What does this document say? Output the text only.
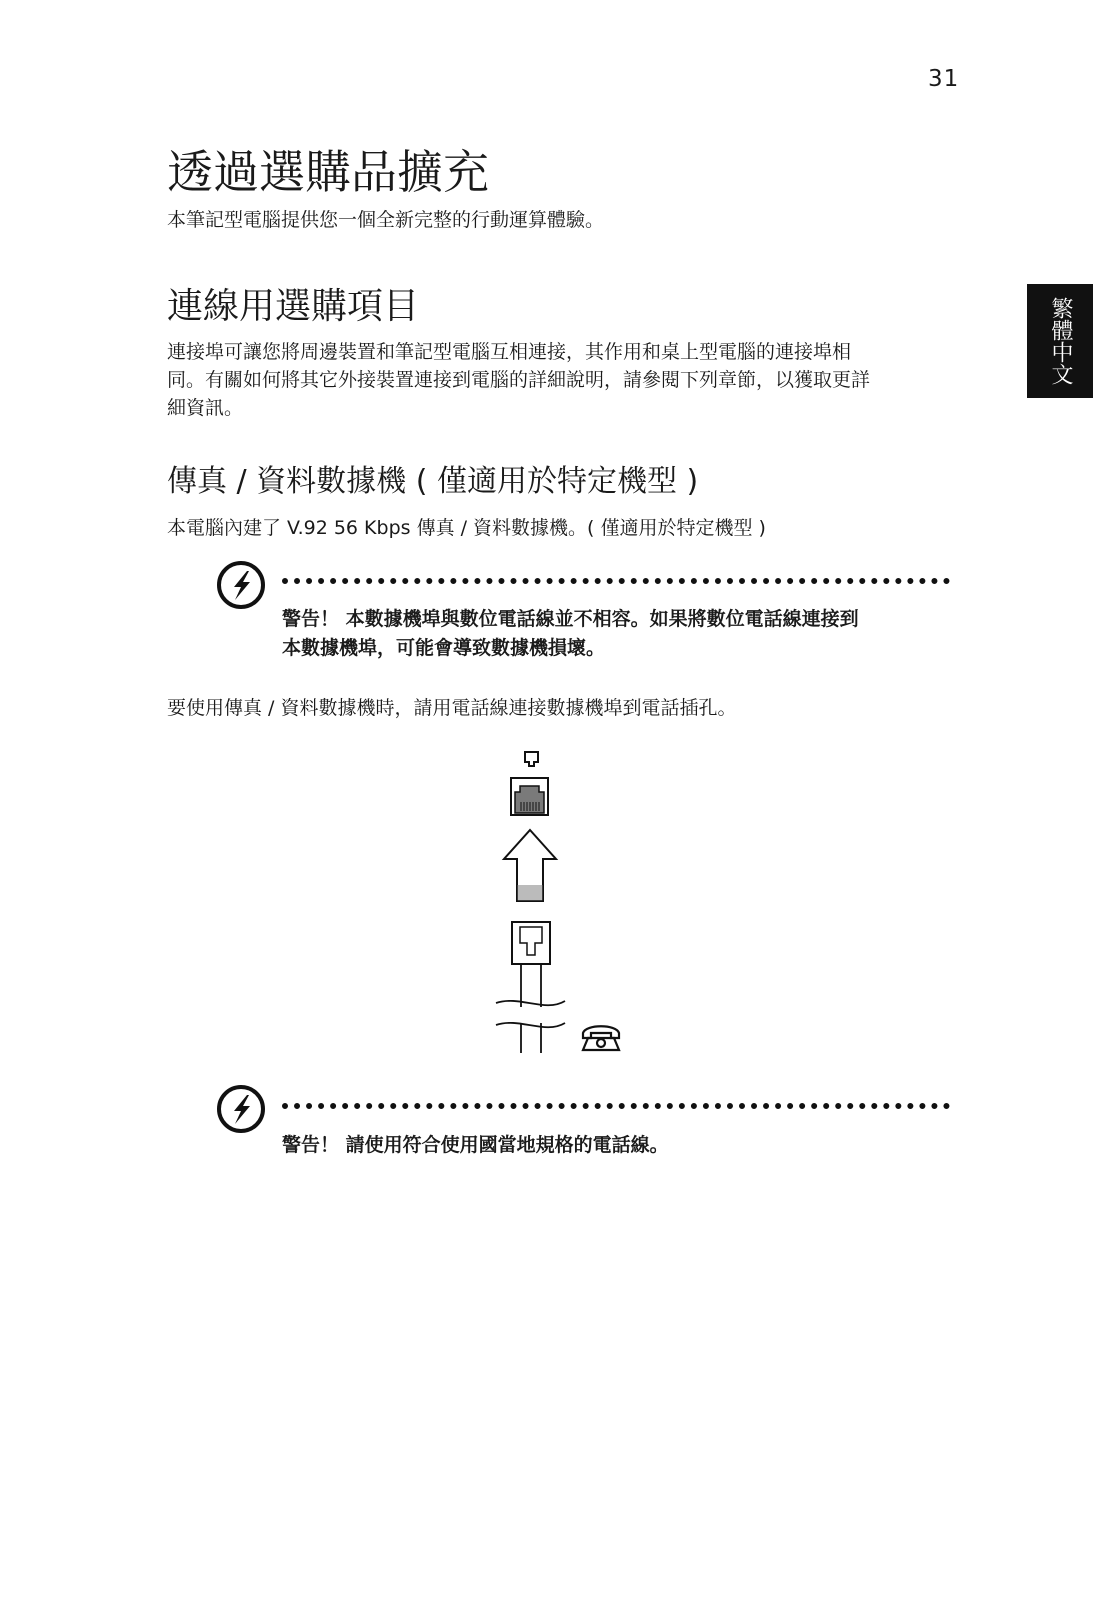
31
繁體中文
透過選購品擴充

本筆記型電腦提供您一個全新完整的行動運算體驗。

連線用選購項目

連接埠可讓您將周邊裝置和筆記型電腦互相連接，其作用和桌上型電腦的連接埠相

同。有關如何將其它外接裝置連接到電腦的詳細說明，請參閱下列章節，以獲取更詳

細資訊。

傳真 / 資料數據機 ( 僅適用於特定機型 )

本電腦內建了 V.92 56 Kbps 傳真 / 資料數據機。( 僅適用於特定機型 )

警告！ 本數據機埠與數位電話線並不相容。如果將數位電話線連接到

本數據機埠，可能會導致數據機損壞。

要使用傳真 / 資料數據機時，請用電話線連接數據機埠到電話插孔。

警告！ 請使用符合使用國當地規格的電話線。
